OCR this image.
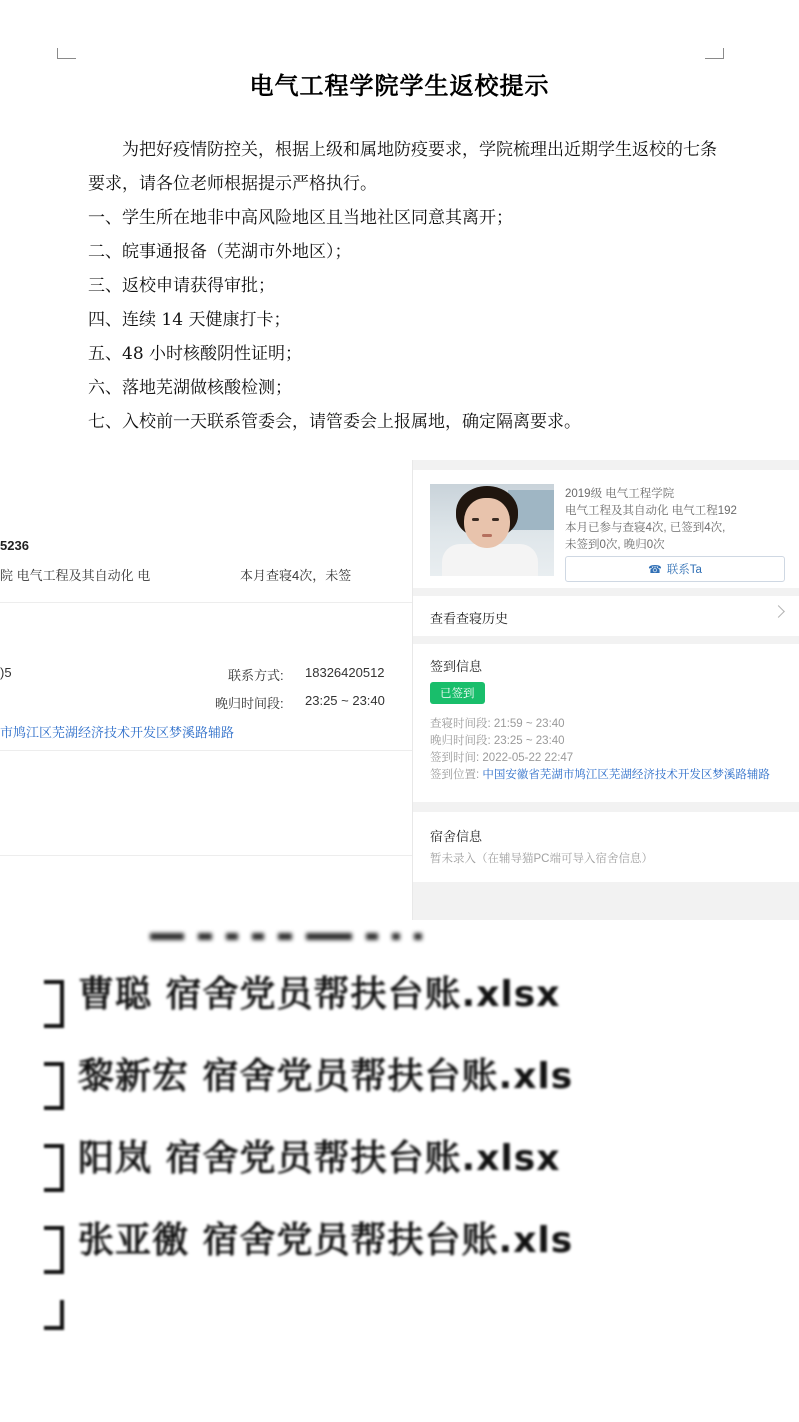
电气工程学院学生返校提示

为把好疫情防控关，根据上级和属地防疫要求，学院梳理出近期学生返校的七条要求，请各位老师根据提示严格执行。

一、学生所在地非中高风险地区且当地社区同意其离开；

二、皖事通报备（芜湖市外地区）；

三、返校申请获得审批；

四、连续 14 天健康打卡；

五、48 小时核酸阴性证明；

六、落地芜湖做核酸检测；

七、入校前一天联系管委会，请管委会上报属地，确定隔离要求。

5236
院 电气工程及其自动化 电	本月查寝4次，未签
)5	联系方式: 18326420512
晚归时间段: 23:25 ~ 23:40
市鸠江区芜湖经济技术开发区梦溪路辅路
2019级 电气工程学院
电气工程及其自动化 电气工程192
本月已参与查寝4次, 已签到4次,
未签到0次, 晚归0次
☎ 联系Ta
查看查寝历史
签到信息
已签到
查寝时间段: 21:59 ~ 23:40
晚归时间段: 23:25 ~ 23:40
签到时间: 2022-05-22 22:47
签到位置: 中国安徽省芜湖市鸠江区芜湖经济技术开发区梦溪路辅路
宿舍信息
暂未录入（在辅导猫PC端可导入宿舍信息）
曹聪 宿舍党员帮扶台账.xlsx
黎新宏 宿舍党员帮扶台账.xls
阳岚 宿舍党员帮扶台账.xlsx
张亚徼 宿舍党员帮扶台账.xls
